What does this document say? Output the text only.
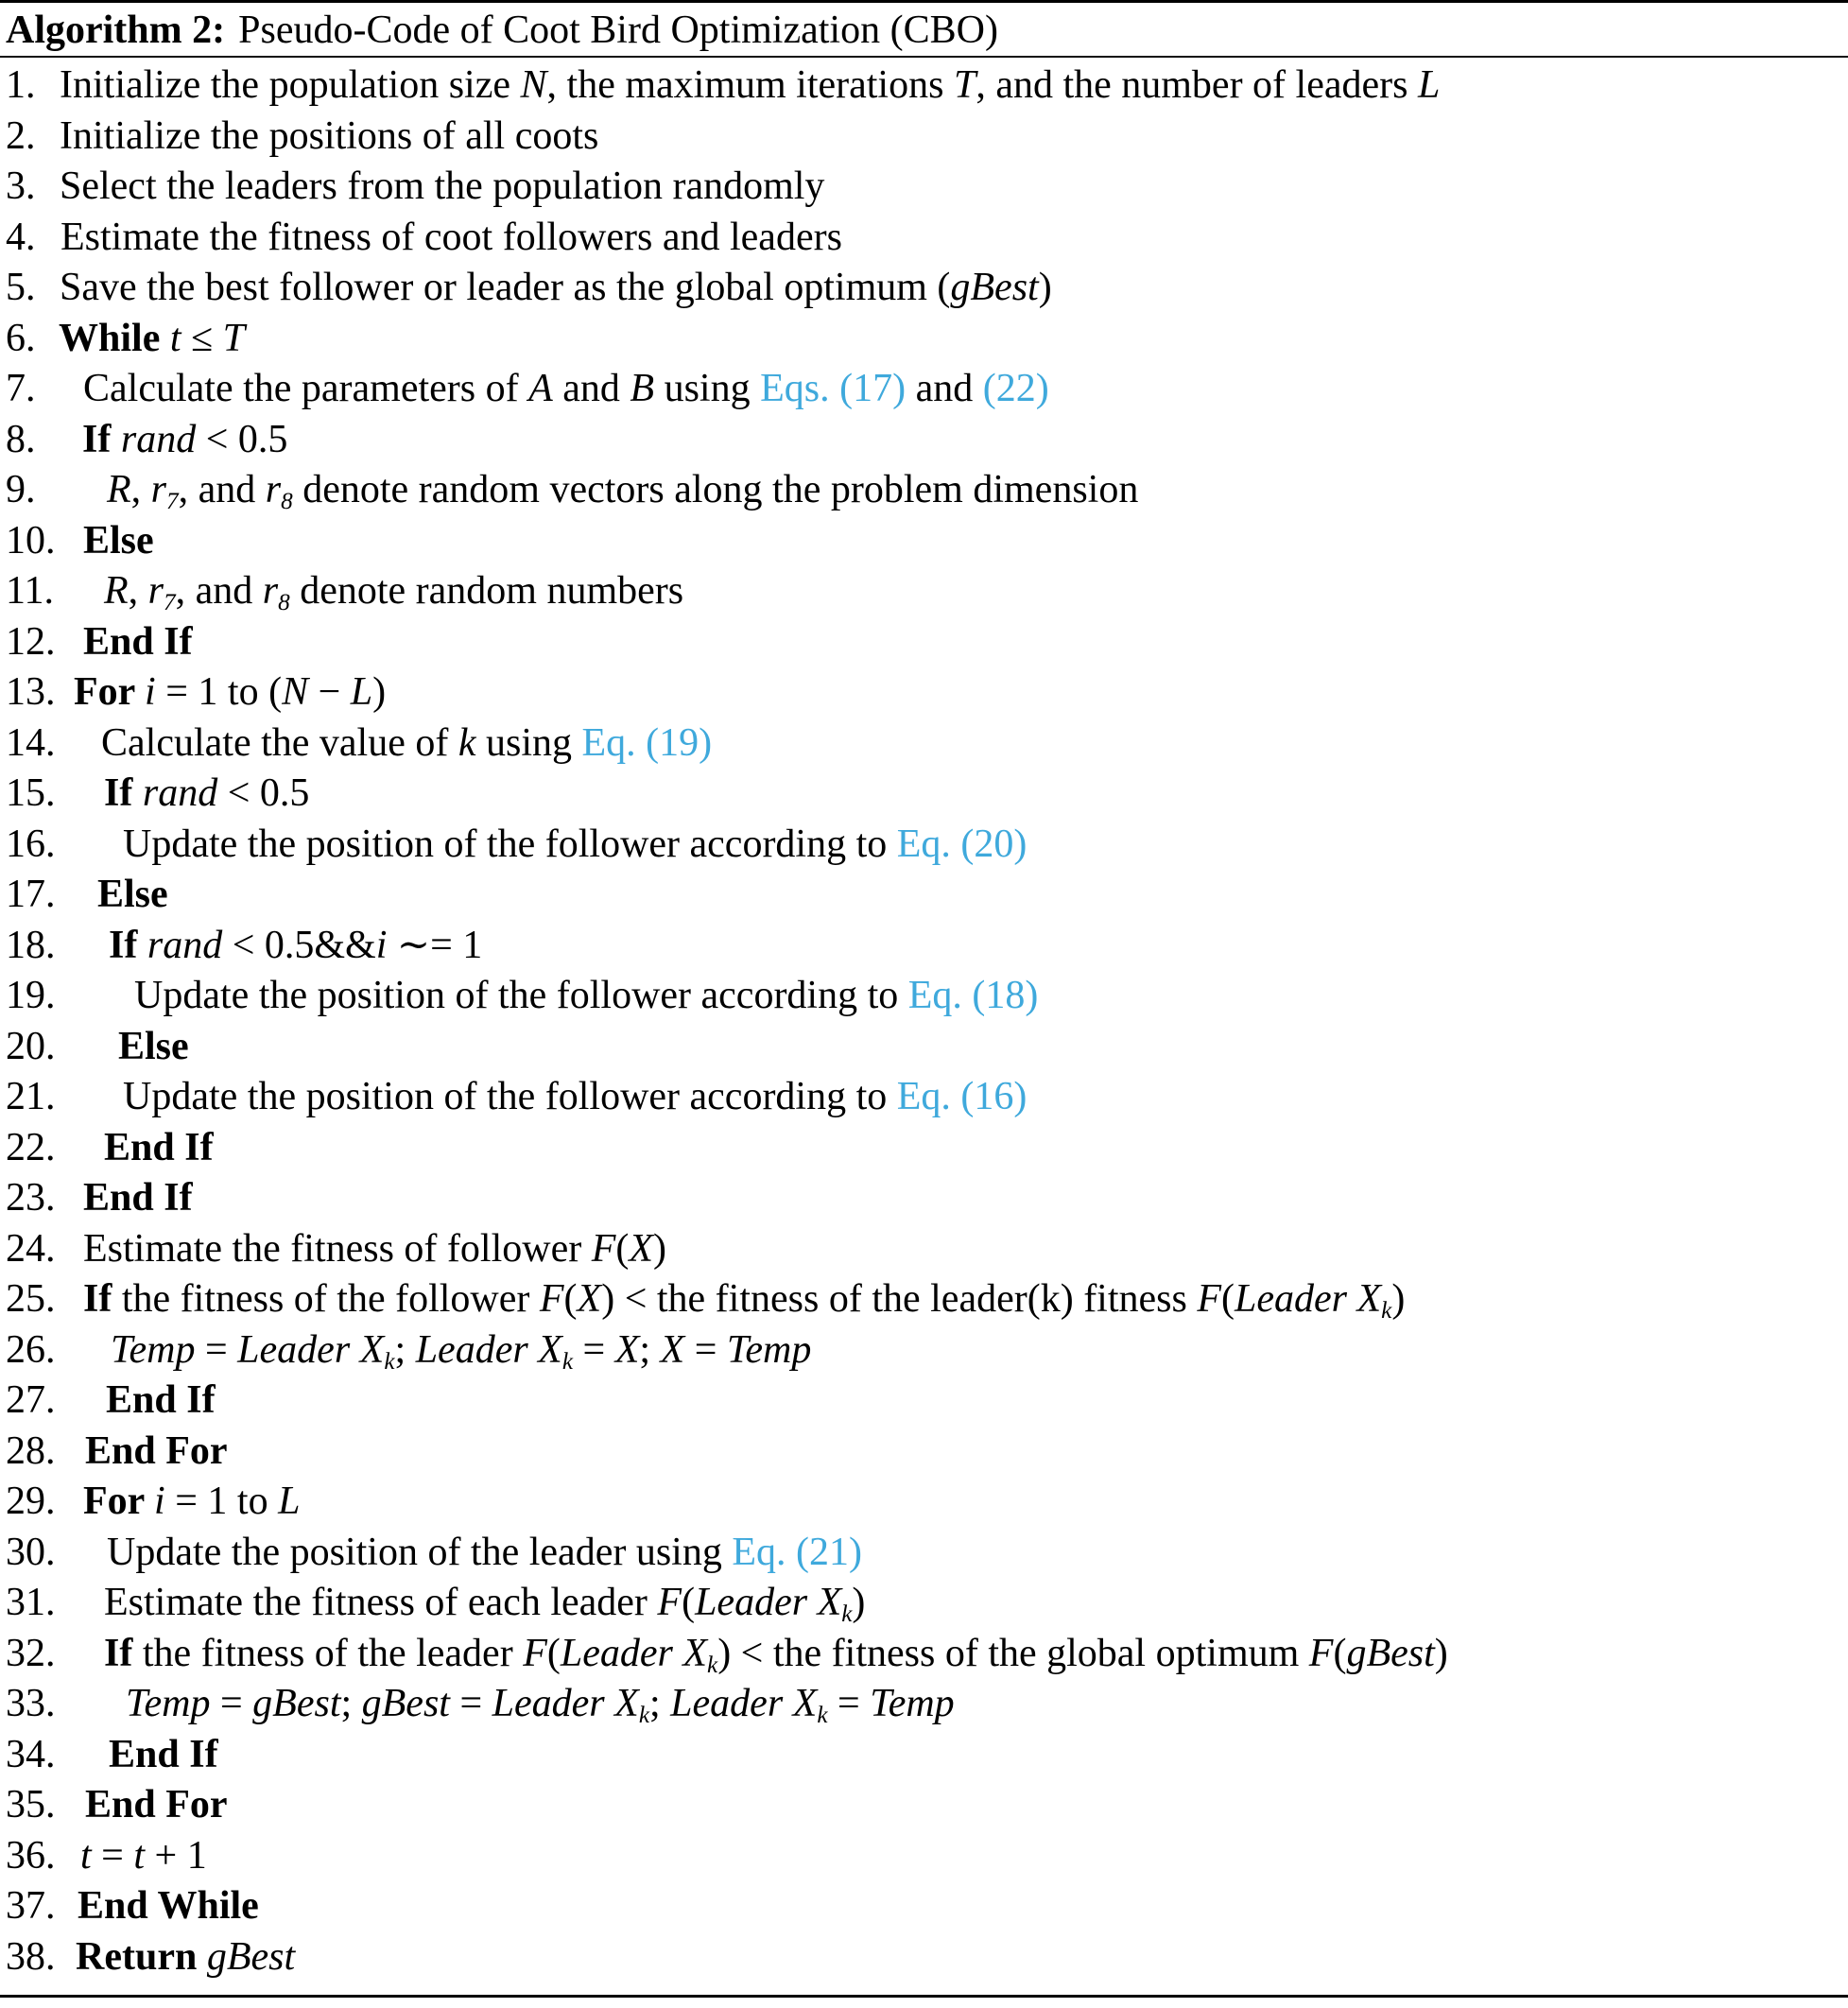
Algorithm 2: Pseudo-Code of Coot Bird Optimization (CBO)
1. Initialize the population size N, the maximum iterations T, and the number of leaders L
2. Initialize the positions of all coots
3. Select the leaders from the population randomly
4. Estimate the fitness of coot followers and leaders
5. Save the best follower or leader as the global optimum (gBest)
6. While t ≤ T
7.	Calculate the parameters of A and B using Eqs. (17) and (22)
8.	If rand < 0.5
9.	R, r7, and r8 denote random vectors along the problem dimension
10. Else
11. R, r7, and r8 denote random numbers
12. End If
13. For i = 1 to (N − L)
14. Calculate the value of k using Eq. (19)
15. If rand < 0.5
16. Update the position of the follower according to Eq. (20)
17. Else
18. If rand < 0.5&&i ∼= 1
19. Update the position of the follower according to Eq. (18)
20. Else
21. Update the position of the follower according to Eq. (16)
22. End If
23. End If
24. Estimate the fitness of follower F(X)
25. If the fitness of the follower F(X) < the fitness of the leader(k) fitness F(Leader Xk)
26. Temp = Leader Xk; Leader Xk = X; X = Temp
27. End If
28. End For
29. For i = 1 to L
30. Update the position of the leader using Eq. (21)
31. Estimate the fitness of each leader F(Leader Xk)
32. If the fitness of the leader F(Leader Xk) < the fitness of the global optimum F(gBest)
33. Temp = gBest; gBest = Leader Xk; Leader Xk = Temp
34. End If
35. End For
36. t = t + 1
37. End While
38. Return gBest
